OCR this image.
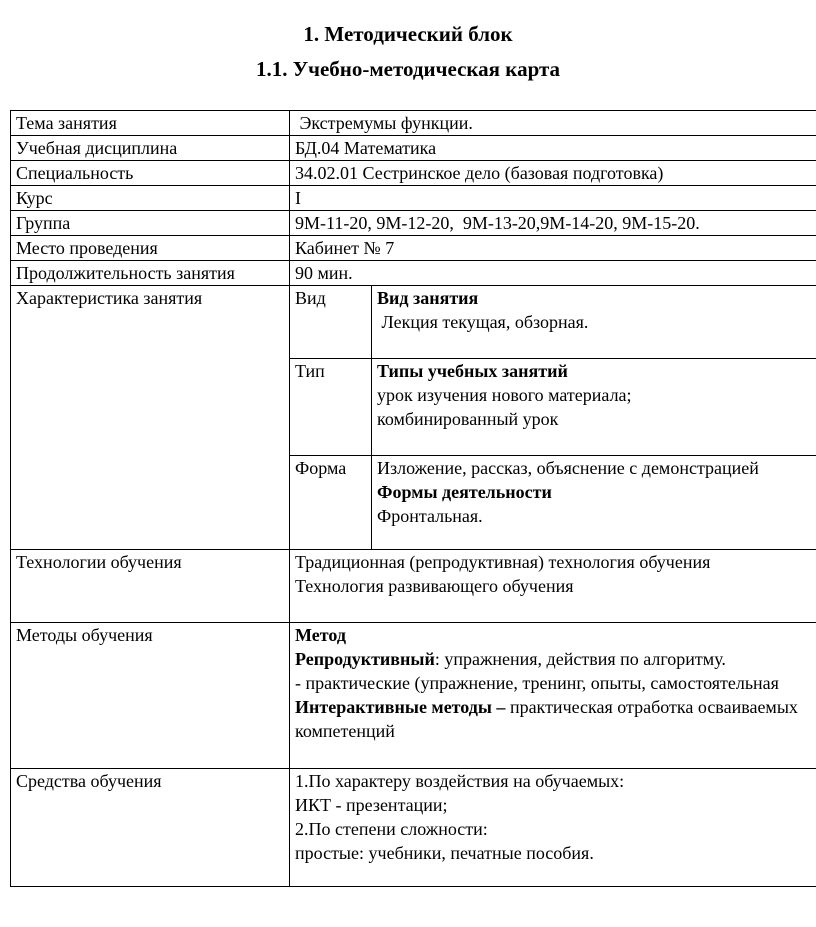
1. Методический блок
1.1. Учебно-методическая карта
Тема занятия	Экстремумы функции.	
Учебная дисциплина	БД.04 Математика	
Специальность	34.02.01 Сестринское дело (базовая подготовка)	
Курс	I	
Группа	9М-11-20, 9М-12-20,  9М-13-20,9М-14-20, 9М-15-20.	
Место проведения	Кабинет № 7	
Продолжительность занятия	90 мин.	
Характеристика занятия	Вид	Вид занятия
Лекция текущая, обзорная.

	Тип	Типы учебных занятий
урок изучения нового материала;
комбинированный урок

	Форма	Изложение, рассказ, объяснение с демонстрацией
Формы деятельности
Фронтальная.

Технологии обучения	Традиционная (репродуктивная) технология обучения
Технология развивающего обучения	

Методы обучения	Метод
Репродуктивный: упражнения, действия по алгоритму.
- практические (упражнение, тренинг, опыты, самостоятельная
Интерактивные методы – практическая отработка осваиваемых
компетенций	

Средства обучения	1.По характеру воздействия на обучаемых:
ИКТ - презентации;
2.По степени сложности:
простые: учебники, печатные пособия.	
